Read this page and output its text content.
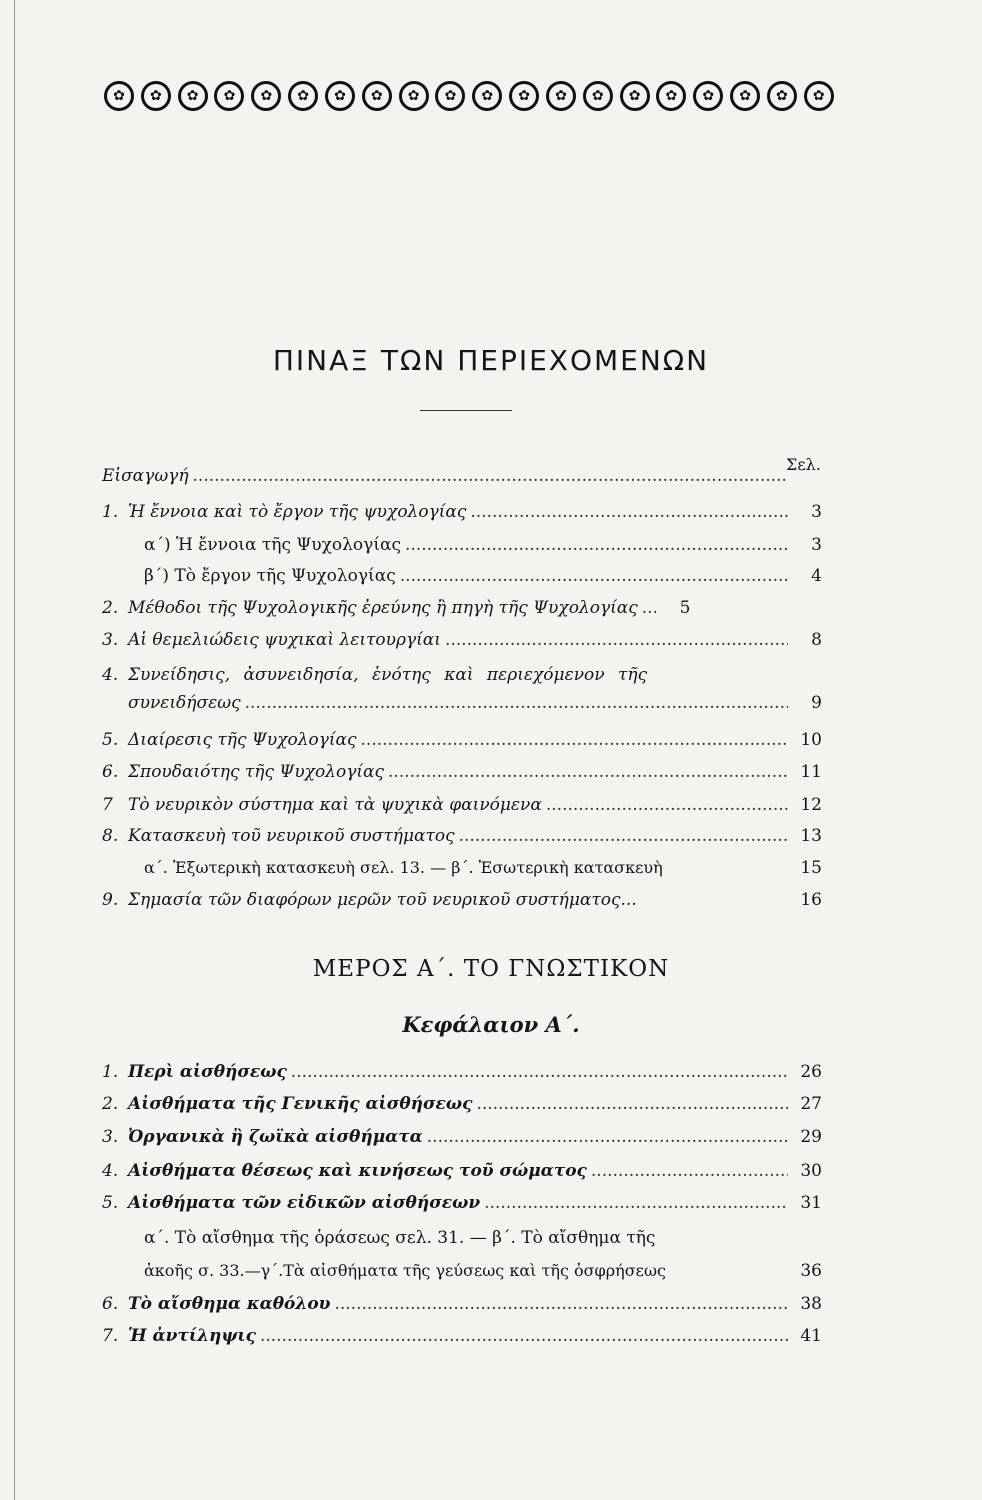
✿	✿	✿	✿	✿	✿	✿	✿	✿	✿	✿	✿	✿	✿	✿	✿	✿	✿	✿	✿
ΠΙΝΑΞ ΤΩΝ ΠΕΡΙΕΧΟΜΕΝΩΝ
Σελ.
Εἰσαγωγή
.....
1. Ἡ ἔννοια καὶ τὸ ἔργον τῆς ψυχολογίας .....	3
α΄) Ἡ ἔννοια τῆς Ψυχολογίας .....	3
β΄) Τὸ ἔργον τῆς Ψυχολογίας .....	4
2. Μέθοδοι τῆς Ψυχολογικῆς ἐρεύνης ἢ πηγὴ τῆς Ψυχολογίας .....	5
3. Αἱ θεμελιώδεις ψυχικαὶ λειτουργίαι .....	8
4. Συνείδησις, ἀσυνειδησία, ἑνότης καὶ περιεχόμενον τῆς
συνειδήσεως .....	9
5. Διαίρεσις τῆς Ψυχολογίας .....	10
6. Σπουδαιότης τῆς Ψυχολογίας .....	11
7 Τὸ νευρικὸν σύστημα καὶ τὰ ψυχικὰ φαινόμενα .....	12
8. Κατασκευὴ τοῦ νευρικοῦ συστήματος .....	13
α΄. Ἐξωτερικὴ κατασκευὴ σελ. 13. — β΄. Ἐσωτερικὴ κατασκευὴ	15
9. Σημασία τῶν διαφόρων μερῶν τοῦ νευρικοῦ συστήματος...	16
ΜΕΡΟΣ Α΄. ΤΟ ΓΝΩΣΤΙΚΟΝ
Κεφάλαιον Α΄.
1. Περὶ αἰσθήσεως .....	26
2. Αἰσθήματα τῆς Γενικῆς αἰσθήσεως .....	27
3. Ὀργανικὰ ἢ ζωϊκὰ αἰσθήματα .....	29
4. Αἰσθήματα θέσεως καὶ κινήσεως τοῦ σώματος .....	30
5. Αἰσθήματα τῶν εἰδικῶν αἰσθήσεων .....	31
α΄. Τὸ αἴσθημα τῆς ὁράσεως σελ. 31. — β΄. Τὸ αἴσθημα τῆς
ἀκοῆς σ. 33.—γ΄.Τὰ αἰσθήματα τῆς γεύσεως καὶ τῆς ὀσφρήσεως	36
6. Τὸ αἴσθημα καθόλου .....	38
7. Ἡ ἀντίληψις .....	41
